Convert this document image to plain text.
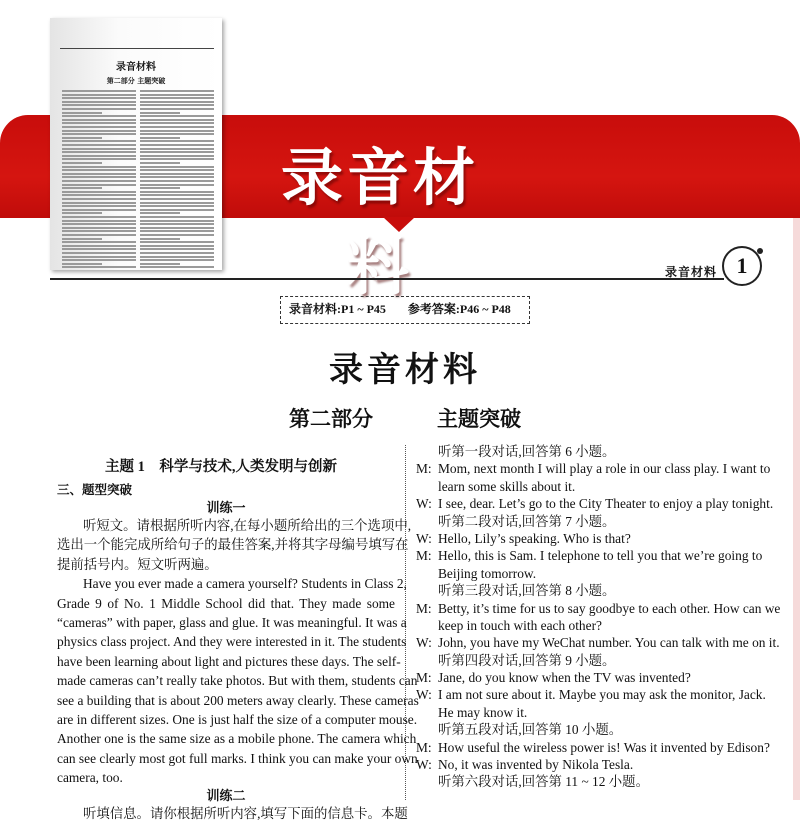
录音材料
录音材料
第二部分 主题突破
录音材料 1
录音材料:P1 ~ P45 参考答案:P46 ~ P48
录音材料
第二部分   主题突破
主题 1    科学与技术,人类发明与创新
三、题型突破
训练一
听短文。请根据所听内容,在每小题所给出的三个选项中,
选出一个能完成所给句子的最佳答案,并将其字母编号填写在
提前括号内。短文听两遍。
Have you ever made a camera yourself? Students in Class 2,
Grade 9 of No. 1 Middle School did that. They made some
“cameras” with paper, glass and glue. It was meaningful. It was a
physics class project. And they were interested in it. The students
have been learning about light and pictures these days. The self-
made cameras can’t really take photos. But with them, students can
see a building that is about 200 meters away clearly. These cameras
are in different sizes. One is just half the size of a computer mouse.
Another one is the same size as a mobile phone. The camera which
can see clearly most got full marks. I think you can make your own
camera, too.
训练二
听填信息。请你根据所听内容,填写下面的信息卡。本题
听第一段对话,回答第 6 小题。
M: Mom, next month I will play a role in our class play. I want to
learn some skills about it.
W: I see, dear. Let’s go to the City Theater to enjoy a play tonight.
听第二段对话,回答第 7 小题。
W: Hello, Lily’s speaking. Who is that?
M: Hello, this is Sam. I telephone to tell you that we’re going to
Beijing tomorrow.
听第三段对话,回答第 8 小题。
M: Betty, it’s time for us to say goodbye to each other. How can we
keep in touch with each other?
W: John, you have my WeChat number. You can talk with me on it.
听第四段对话,回答第 9 小题。
M: Jane, do you know when the TV was invented?
W: I am not sure about it. Maybe you may ask the monitor, Jack.
He may know it.
听第五段对话,回答第 10 小题。
M: How useful the wireless power is! Was it invented by Edison?
W: No, it was invented by Nikola Tesla.
听第六段对话,回答第 11 ~ 12 小题。
